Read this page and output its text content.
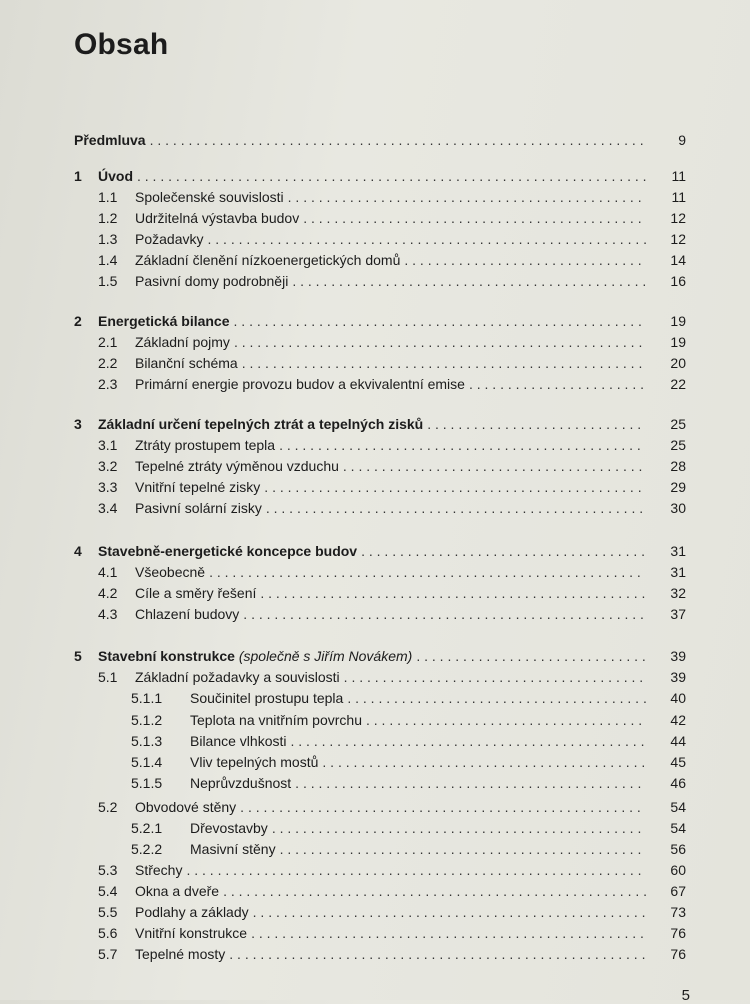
Obsah
Předmluva . . .	9
1 Úvod . . .	11
1.1 Společenské souvislosti . . .	11
1.2 Udržitelná výstavba budov . . .	12
1.3 Požadavky . . .	12
1.4 Základní členění nízkoenergetických domů . . .	14
1.5 Pasivní domy podrobněji . . .	16
2 Energetická bilance . . .	19
2.1 Základní pojmy . . .	19
2.2 Bilanční schéma . . .	20
2.3 Primární energie provozu budov a ekvivalentní emise . . .	22
3 Základní určení tepelných ztrát a tepelných zisků . . .	25
3.1 Ztráty prostupem tepla . . .	25
3.2 Tepelné ztráty výměnou vzduchu . . .	28
3.3 Vnitřní tepelné zisky . . .	29
3.4 Pasivní solární zisky . . .	30
4 Stavebně-energetické koncepce budov . . .	31
4.1 Všeobecně . . .	31
4.2 Cíle a směry řešení . . .	32
4.3 Chlazení budovy . . .	37
5 Stavební konstrukce (společně s Jiřím Novákem) . . .	39
5.1 Základní požadavky a souvislosti . . .	39
5.1.1 Součinitel prostupu tepla . . .	40
5.1.2 Teplota na vnitřním povrchu . . .	42
5.1.3 Bilance vlhkosti . . .	44
5.1.4 Vliv tepelných mostů . . .	45
5.1.5 Neprůvzdušnost . . .	46
5.2 Obvodové stěny . . .	54
5.2.1 Dřevostavby . . .	54
5.2.2 Masivní stěny . . .	56
5.3 Střechy . . .	60
5.4 Okna a dveře . . .	67
5.5 Podlahy a základy . . .	73
5.6 Vnitřní konstrukce . . .	76
5.7 Tepelné mosty . . .	76
5
